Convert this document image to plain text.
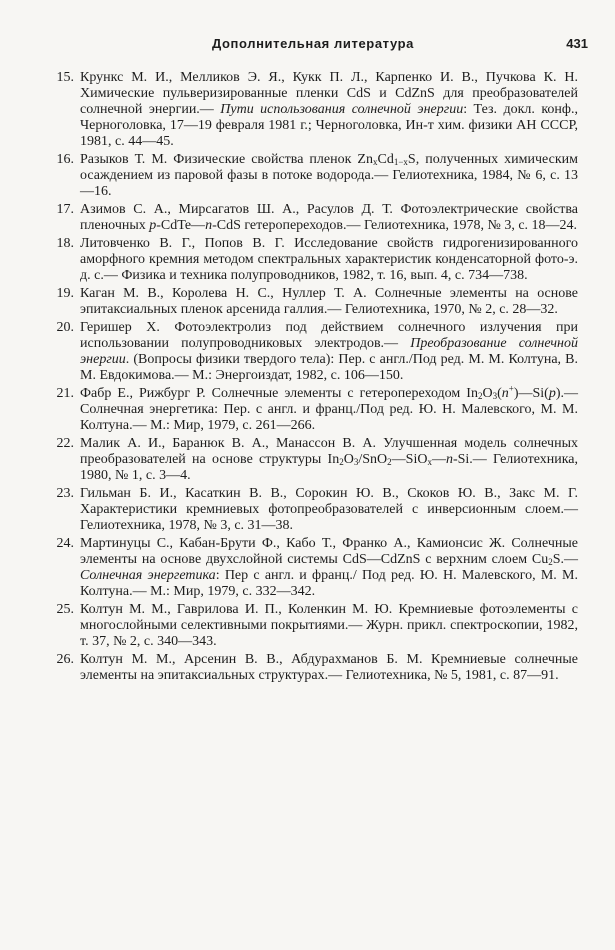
Дополнительная литература	431
15. Крункс М. И., Мелликов Э. Я., Кукк П. Л., Карпенко И. В., Пучкова К. Н. Химические пульверизированные пленки CdS и CdZnS для преобразователей солнечной энергии.— Пути использования солнечной энергии: Тез. докл. конф., Черноголовка, 17—19 февраля 1981 г.; Черноголовка, Ин-т хим. физики АН СССР, 1981, с. 44—45.
16. Разыков Т. М. Физические свойства пленок $Zn_xCd_{1-x}S$, полученных химическим осаждением из паровой фазы в потоке водорода.— Гелиотехника, 1984, № 6, с. 13—16.
17. Азимов С. А., Мирсагатов Ш. А., Расулов Д. Т. Фотоэлектрические свойства пленочных p-CdTe—n-CdS гетеропереходов.— Гелиотехника, 1978, № 3, с. 18—24.
18. Литовченко В. Г., Попов В. Г. Исследование свойств гидрогенизированного аморфного кремния методом спектральных характеристик конденсаторной фото-э. д. с.— Физика и техника полупроводников, 1982, т. 16, вып. 4, с. 734—738.
19. Каган М. В., Королева Н. С., Нуллер Т. А. Солнечные элементы на основе эпитаксиальных пленок арсенида галлия.— Гелиотехника, 1970, № 2, с. 28—32.
20. Геришер Х. Фотоэлектролиз под действием солнечного излучения при использовании полупроводниковых электродов.— Преобразование солнечной энергии. (Вопросы физики твердого тела): Пер. с англ./Под ред. М. М. Колтуна, В. М. Евдокимова.— М.: Энергоиздат, 1982, с. 106—150.
21. Фабр Е., Рижбург Р. Солнечные элементы с гетеропереходом $In_2O_3(n^+)—Si(p).—$ Солнечная энергетика: Пер. с англ. и франц./Под ред. Ю. Н. Малевского, М. М. Колтуна.— М.: Мир, 1979, с. 261—266.
22. Малик А. И., Баранюк В. А., Манассон В. А. Улучшенная модель солнечных преобразователей на основе структуры $In_2O_3/SnO_2—SiO_x—n-Si.—$ Гелиотехника, 1980, № 1, с. 3—4.
23. Гильман Б. И., Касаткин В. В., Сорокин Ю. В., Скоков Ю. В., Закс М. Г. Характеристики кремниевых фотопреобразователей с инверсионным слоем.— Гелиотехника, 1978, № 3, с. 31—38.
24. Мартинуцы С., Кабан-Брути Ф., Кабо Т., Франко А., Камионсис Ж. Солнечные элементы на основе двухслойной системы CdS—CdZnS с верхним слоем $Cu_2S.—$ Солнечная энергетика: Пер с англ. и франц./ Под ред. Ю. Н. Малевского, М. М. Колтуна.— М.: Мир, 1979, с. 332—342.
25. Колтун М. М., Гаврилова И. П., Коленкин М. Ю. Кремниевые фотоэлементы с многослойными селективными покрытиями.— Журн. прикл. спектроскопии, 1982, т. 37, № 2, с. 340—343.
26. Колтун М. М., Арсенин В. В., Абдурахманов Б. М. Кремниевые солнечные элементы на эпитаксиальных структурах.— Гелиотехника, № 5, 1981, с. 87—91.
